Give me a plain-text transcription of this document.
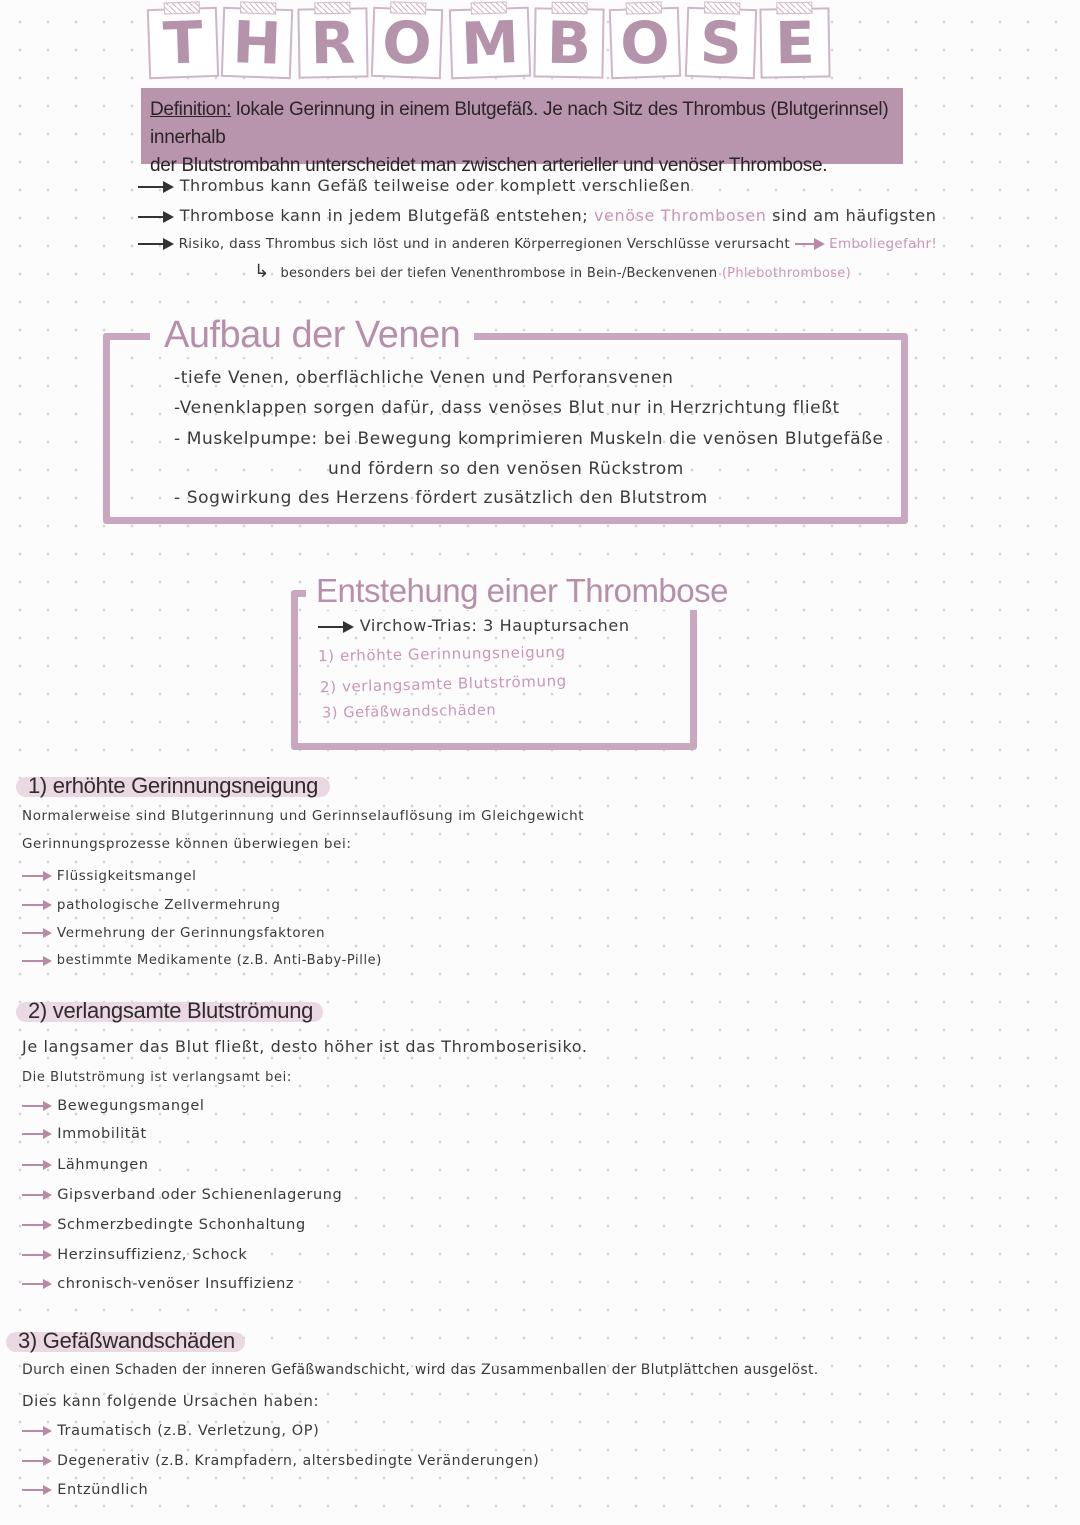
T H R O M B O S E
Definition: lokale Gerinnung in einem Blutgefäß. Je nach Sitz des Thrombus (Blutgerinnsel) innerhalb
der Blutstrombahn unterscheidet man zwischen arterieller und venöser Thrombose.
Thrombus kann Gefäß teilweise oder komplett verschließen
Thrombose kann in jedem Blutgefäß entstehen; venöse Thrombosen sind am häufigsten
Risiko, dass Thrombus sich löst und in anderen Körperregionen Verschlüsse verursacht	Emboliegefahr!
↳ besonders bei der tiefen Venenthrombose in Bein-/Beckenvenen (Phlebothrombose)
Aufbau der Venen
-tiefe Venen, oberflächliche Venen und Perforansvenen
-Venenklappen sorgen dafür, dass venöses Blut nur in Herzrichtung fließt
- Muskelpumpe: bei Bewegung komprimieren Muskeln die venösen Blutgefäße
und fördern so den venösen Rückstrom
- Sogwirkung des Herzens fördert zusätzlich den Blutstrom
Entstehung einer Thrombose
Virchow-Trias: 3 Hauptursachen
1) erhöhte Gerinnungsneigung
2) verlangsamte Blutströmung
3) Gefäßwandschäden
1) erhöhte Gerinnungsneigung
Normalerweise sind Blutgerinnung und Gerinnselauflösung im Gleichgewicht
Gerinnungsprozesse können überwiegen bei:
Flüssigkeitsmangel
pathologische Zellvermehrung
Vermehrung der Gerinnungsfaktoren
bestimmte Medikamente (z.B. Anti-Baby-Pille)
2) verlangsamte Blutströmung
Je langsamer das Blut fließt, desto höher ist das Thromboserisiko.
Die Blutströmung ist verlangsamt bei:
Bewegungsmangel
Immobilität
Lähmungen
Gipsverband oder Schienenlagerung
Schmerzbedingte Schonhaltung
Herzinsuffizienz, Schock
chronisch-venöser Insuffizienz
3) Gefäßwandschäden
Durch einen Schaden der inneren Gefäßwandschicht, wird das Zusammenballen der Blutplättchen ausgelöst.
Dies kann folgende Ursachen haben:
Traumatisch (z.B. Verletzung, OP)
Degenerativ (z.B. Krampfadern, altersbedingte Veränderungen)
Entzündlich
